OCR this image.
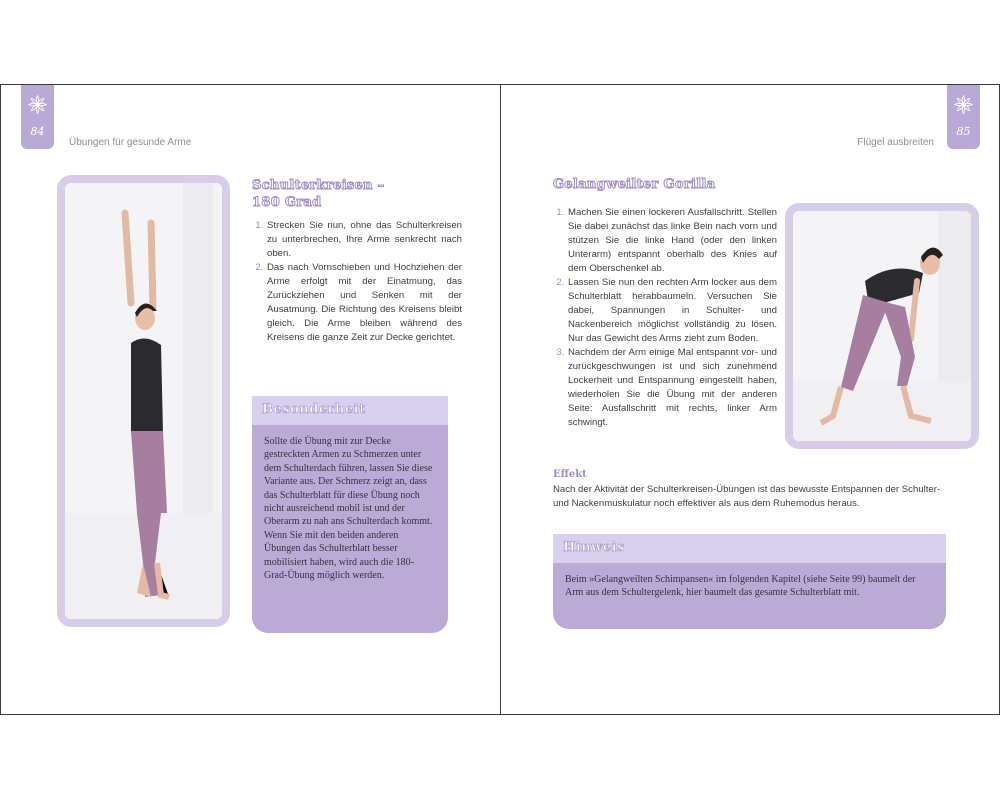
84
Übungen für gesunde Arme
Schulterkreisen –
180 Grad
1. Strecken Sie nun, ohne das Schulterkreisen zu unterbrechen, Ihre Arme senkrecht nach oben.
2. Das nach Vornschieben und Hochziehen der Arme erfolgt mit der Einatmung, das Zurückziehen und Senken mit der Ausatmung. Die Richtung des Kreisens bleibt gleich. Die Arme bleiben während des Kreisens die ganze Zeit zur Decke gerichtet.
Besonderheit
Sollte die Übung mit zur Decke gestreckten Armen zu Schmerzen unter dem Schulterdach führen, lassen Sie diese Variante aus. Der Schmerz zeigt an, dass das Schulterblatt für diese Übung noch nicht ausreichend mobil ist und der Oberarm zu nah ans Schulterdach kommt. Wenn Sie mit den beiden anderen Übungen das Schulterblatt besser mobilisiert haben, wird auch die 180-Grad-Übung möglich werden.
85
Flügel ausbreiten
Gelangweilter Gorilla
1. Machen Sie einen lockeren Ausfallschritt. Stellen Sie dabei zunächst das linke Bein nach vorn und stützen Sie die linke Hand (oder den linken Unterarm) entspannt oberhalb des Knies auf dem Oberschenkel ab.
2. Lassen Sie nun den rechten Arm locker aus dem Schulterblatt herabbaumeln. Versuchen Sie dabei, Spannungen in Schulter- und Nackenbereich möglichst vollständig zu lösen. Nur das Gewicht des Arms zieht zum Boden.
3. Nachdem der Arm einige Mal entspannt vor- und zurückgeschwungen ist und sich zunehmend Lockerheit und Entspannung eingestellt haben, wiederholen Sie die Übung mit der anderen Seite: Ausfallschritt mit rechts, linker Arm schwingt.
Effekt
Nach der Aktivität der Schulterkreisen-Übungen ist das bewusste Entspannen der Schulter- und Nackenmuskulatur noch effektiver als aus dem Ruhemodus heraus.
Hinweis
Beim »Gelangweilten Schimpansen« im folgenden Kapitel (siehe Seite 99) baumelt der Arm aus dem Schultergelenk, hier baumelt das gesamte Schulterblatt mit.
